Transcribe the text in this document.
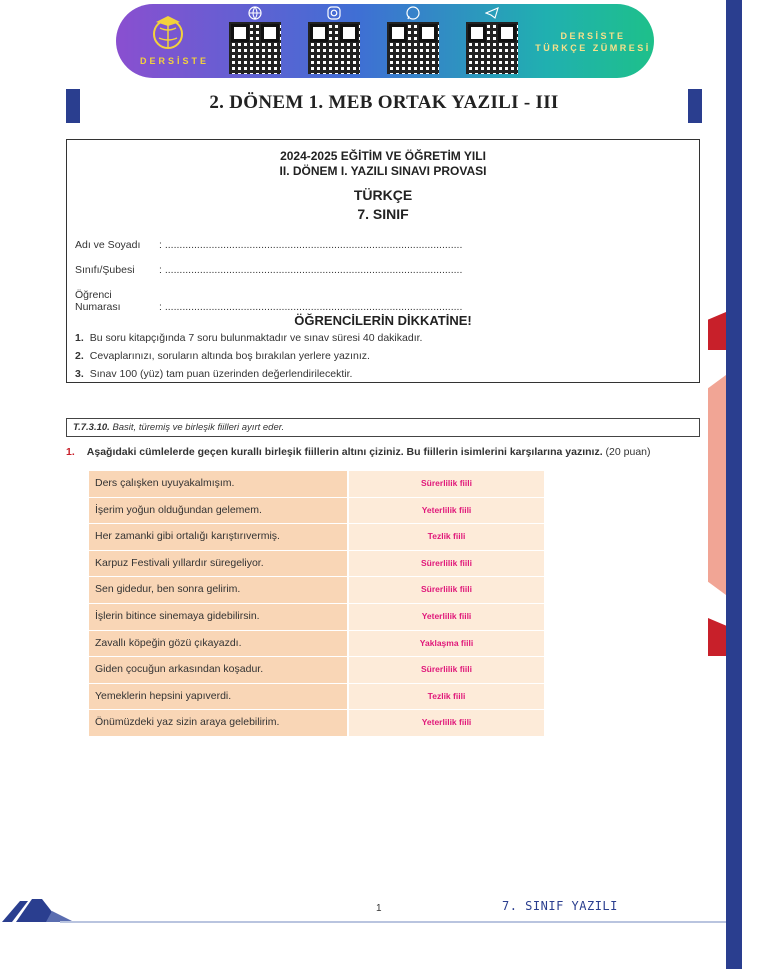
DERSİSTE
DERSİSTE
TÜRKÇE ZÜMRESİ
TÜRKÇE
2. DÖNEM 1. MEB ORTAK YAZILI - III
2024-2025 EĞİTİM VE ÖĞRETİM YILI
II. DÖNEM I. YAZILI SINAVI PROVASI
TÜRKÇE
7. SINIF
Adı ve Soyadı : ......................................................................................................
Sınıfı/Şubesi : ......................................................................................................
Öğrenci Numarası	: ......................................................................................................
ÖĞRENCİLERİN DİKKATİNE!
1. Bu soru kitapçığında 7 soru bulunmaktadır ve sınav süresi 40 dakikadır.
2. Cevaplarınızı, soruların altında boş bırakılan yerlere yazınız.
3. Sınav 100 (yüz) tam puan üzerinden değerlendirilecektir.
T.7.3.10. Basit, türemiş ve birleşik fiilleri ayırt eder.
1. Aşağıdaki cümlelerde geçen kurallı birleşik fiillerin altını çiziniz. Bu fiillerin isimlerini karşılarına yazınız. (20 puan)
Ders çalışken uyuyakalmışım.	Sürerlilik fiili
İşerim yoğun olduğundan gelemem.	Yeterlilik fiili
Her zamanki gibi ortalığı karıştırıvermiş.	Tezlik fiili
Karpuz Festivali yıllardır süregeliyor.	Sürerlilik fiili
Sen gidedur, ben sonra gelirim.	Sürerlilik fiili
İşlerin bitince sinemaya gidebilirsin.	Yeterlilik fiili
Zavallı köpeğin gözü çıkayazdı.	Yaklaşma fiili
Giden çocuğun arkasından koşadur.	Sürerlilik fiili
Yemeklerin hepsini yapıverdi.	Tezlik fiili
Önümüzdeki yaz sizin araya gelebilirim.	Yeterlilik fiili
1	7. SINIF YAZILI
